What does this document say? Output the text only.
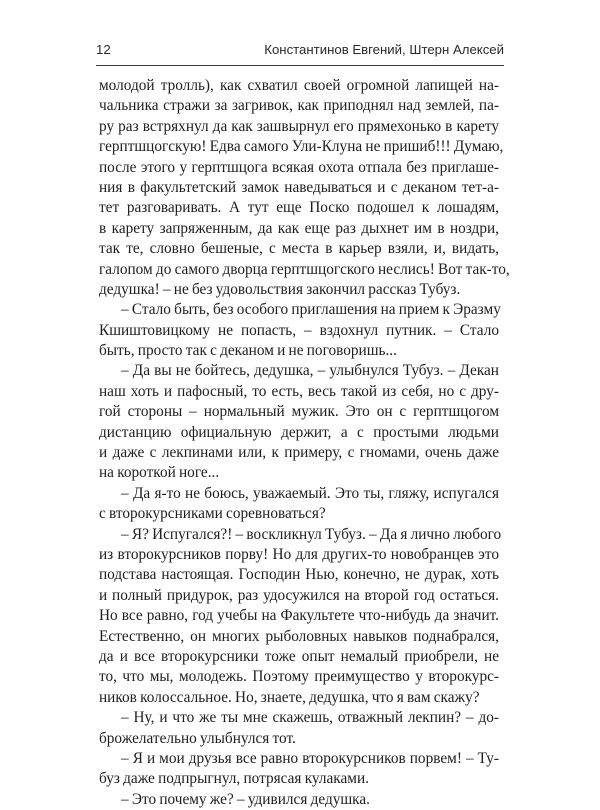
12	Константинов Евгений, Штерн Алексей
молодой тролль), как схватил своей огромной лапищей на-
чальника стражи за загривок, как приподнял над землей, па-
ру раз встряхнул да как зашвырнул его прямехонько в карету
герптшцогскую! Едва самого Ули-Клуна не пришиб!!! Думаю,
после этого у герптшцога всякая охота отпала без приглаше-
ния в факультетский замок наведываться и с деканом тет-а-
тет разговаривать. А тут еще Поско подошел к лошадям,
в карету запряженным, да как еще раз дыхнет им в ноздри,
так те, словно бешеные, с места в карьер взяли, и, видать,
галопом до самого дворца герптшцогского неслись! Вот так-то,
дедушка! – не без удовольствия закончил рассказ Тубуз.
– Стало быть, без особого приглашения на прием к Эразму
Кшиштовицкому не попасть, – вздохнул путник. – Стало
быть, просто так с деканом и не поговоришь...
– Да вы не бойтесь, дедушка, – улыбнулся Тубуз. – Декан
наш хоть и пафосный, то есть, весь такой из себя, но с дру-
гой стороны – нормальный мужик. Это он с герптшцогом
дистанцию официальную держит, а с простыми людьми
и даже с лекпинами или, к примеру, с гномами, очень даже
на короткой ноге...
– Да я-то не боюсь, уважаемый. Это ты, гляжу, испугался
с второкурсниками соревноваться?
– Я? Испугался?! – воскликнул Тубуз. – Да я лично любого
из второкурсников порву! Но для других-то новобранцев это
подстава настоящая. Господин Нью, конечно, не дурак, хоть
и полный придурок, раз удосужился на второй год остаться.
Но все равно, год учебы на Факультете что-нибудь да значит.
Естественно, он многих рыболовных навыков поднабрался,
да и все второкурсники тоже опыт немалый приобрели, не
то, что мы, молодежь. Поэтому преимущество у второкурс-
ников колоссальное. Но, знаете, дедушка, что я вам скажу?
– Ну, и что же ты мне скажешь, отважный лекпин? – до-
брожелательно улыбнулся тот.
– Я и мои друзья все равно второкурсников порвем! – Ту-
буз даже подпрыгнул, потрясая кулаками.
– Это почему же? – удивился дедушка.
